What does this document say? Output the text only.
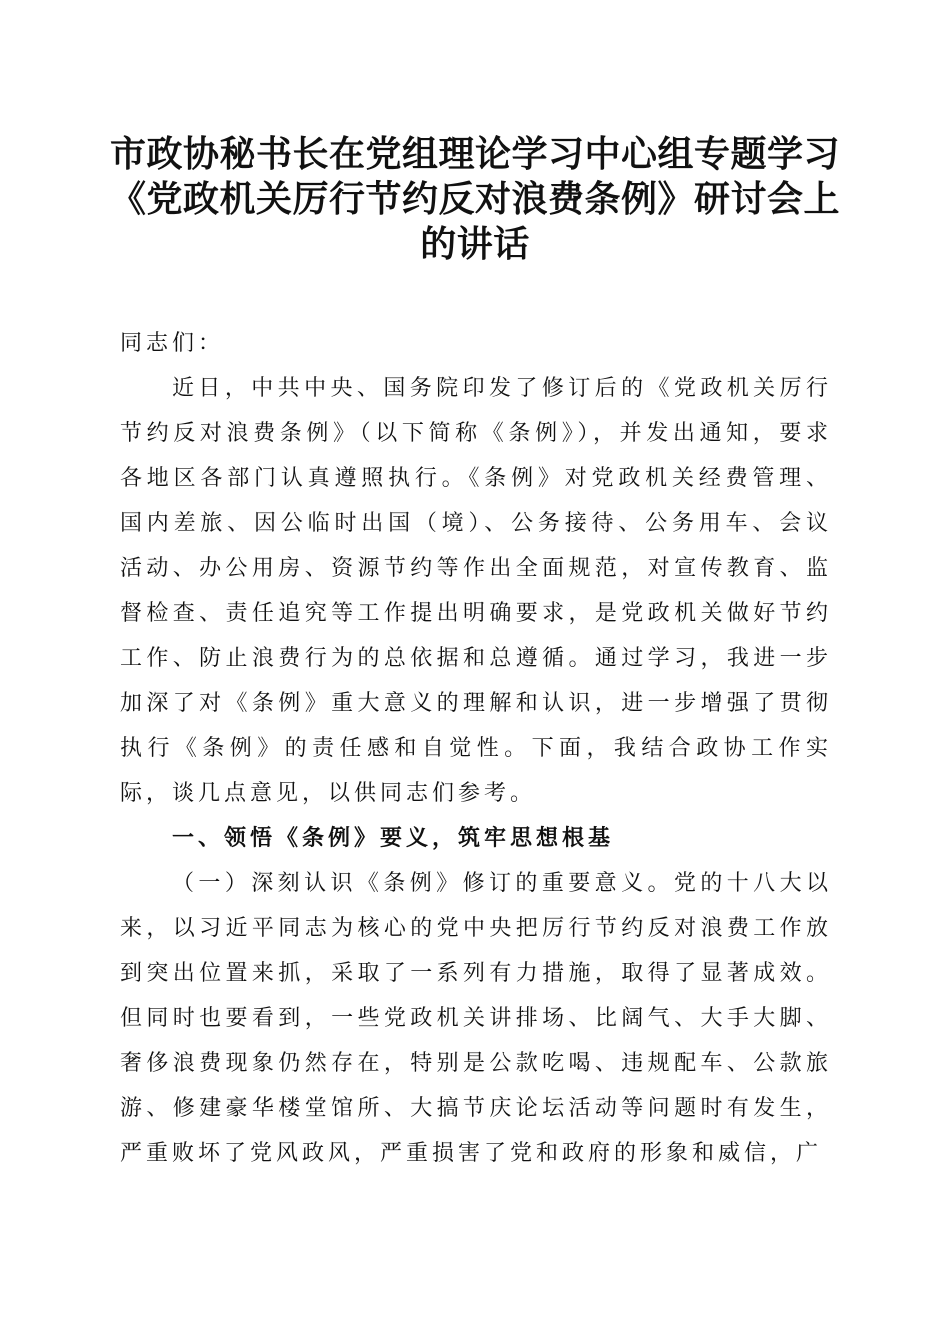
市政协秘书长在党组理论学习中心组专题学习
《党政机关厉行节约反对浪费条例》研讨会上
的讲话

同志们：

近日，中共中央、国务院印发了修订后的《党政机关厉行节约反对浪费条例》（以下简称《条例》），并发出通知，要求各地区各部门认真遵照执行。《条例》对党政机关经费管理、国内差旅、因公临时出国（境）、公务接待、公务用车、会议活动、办公用房、资源节约等作出全面规范，对宣传教育、监督检查、责任追究等工作提出明确要求，是党政机关做好节约工作、防止浪费行为的总依据和总遵循。通过学习，我进一步加深了对《条例》重大意义的理解和认识，进一步增强了贯彻执行《条例》的责任感和自觉性。下面，我结合政协工作实际，谈几点意见，以供同志们参考。

一、领悟《条例》要义，筑牢思想根基

（一）深刻认识《条例》修订的重要意义。党的十八大以来，以习近平同志为核心的党中央把厉行节约反对浪费工作放到突出位置来抓，采取了一系列有力措施，取得了显著成效。但同时也要看到，一些党政机关讲排场、比阔气、大手大脚、奢侈浪费现象仍然存在，特别是公款吃喝、违规配车、公款旅游、修建豪华楼堂馆所、大搞节庆论坛活动等问题时有发生，严重败坏了党风政风，严重损害了党和政府的形象和威信，广
